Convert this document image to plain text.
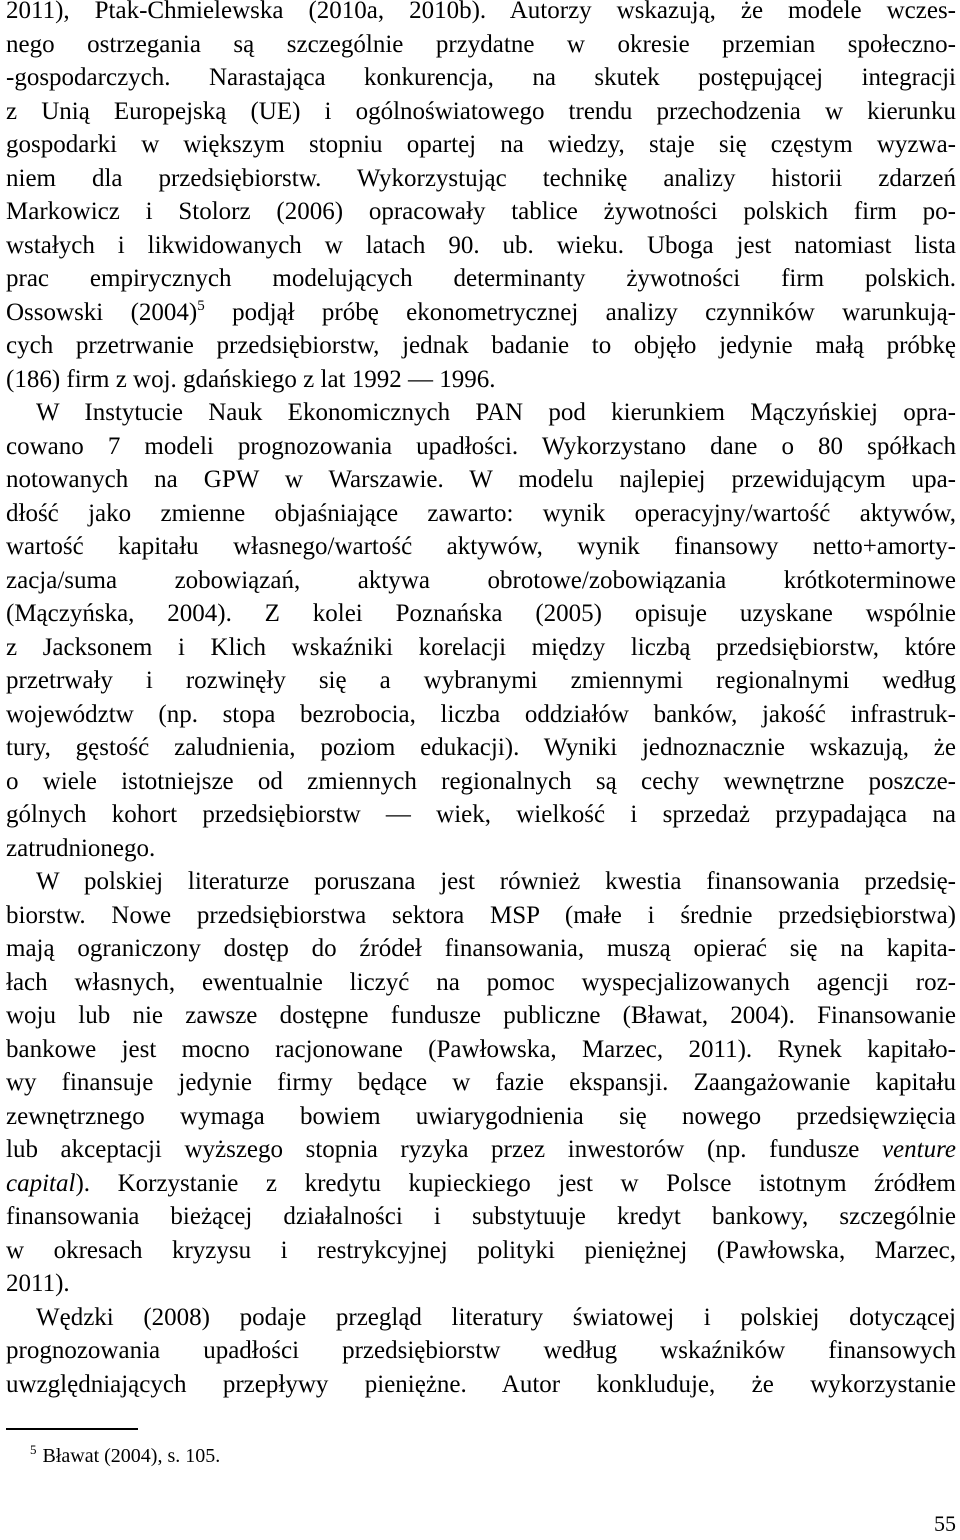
2011), Ptak-Chmielewska (2010a, 2010b). Autorzy wskazują, że modele wczes-
nego ostrzegania są szczególnie przydatne w okresie przemian społeczno-
-gospodarczych. Narastająca konkurencja, na skutek postępującej integracji
z Unią Europejską (UE) i ogólnoświatowego trendu przechodzenia w kierunku
gospodarki w większym stopniu opartej na wiedzy, staje się częstym wyzwa-
niem dla przedsiębiorstw. Wykorzystując technikę analizy historii zdarzeń
Markowicz i Stolorz (2006) opracowały tablice żywotności polskich firm po-
wstałych i likwidowanych w latach 90. ub. wieku. Uboga jest natomiast lista
prac empirycznych modelujących determinanty żywotności firm polskich.
Ossowski $(2004)^5$ podjął próbę ekonometrycznej analizy czynników warunkują-
cych przetrwanie przedsiębiorstw, jednak badanie to objęło jedynie małą próbkę
(186) firm z woj. gdańskiego z lat 1992 — 1996.
W Instytucie Nauk Ekonomicznych PAN pod kierunkiem Mączyńskiej opra-
cowano 7 modeli prognozowania upadłości. Wykorzystano dane o 80 spółkach
notowanych na GPW w Warszawie. W modelu najlepiej przewidującym upa-
dłość jako zmienne objaśniające zawarto: wynik operacyjny/wartość aktywów,
wartość kapitału własnego/wartość aktywów, wynik finansowy netto+amorty-
zacja/suma zobowiązań, aktywa obrotowe/zobowiązania krótkoterminowe
(Mączyńska, 2004). Z kolei Poznańska (2005) opisuje uzyskane wspólnie
z Jacksonem i Klich wskaźniki korelacji między liczbą przedsiębiorstw, które
przetrwały i rozwinęły się a wybranymi zmiennymi regionalnymi według
województw (np. stopa bezrobocia, liczba oddziałów banków, jakość infrastruk-
tury, gęstość zaludnienia, poziom edukacji). Wyniki jednoznacznie wskazują, że
o wiele istotniejsze od zmiennych regionalnych są cechy wewnętrzne poszcze-
gólnych kohort przedsiębiorstw — wiek, wielkość i sprzedaż przypadająca na
zatrudnionego.
W polskiej literaturze poruszana jest również kwestia finansowania przedsię-
biorstw. Nowe przedsiębiorstwa sektora MSP (małe i średnie przedsiębiorstwa)
mają ograniczony dostęp do źródeł finansowania, muszą opierać się na kapita-
łach własnych, ewentualnie liczyć na pomoc wyspecjalizowanych agencji roz-
woju lub nie zawsze dostępne fundusze publiczne (Bławat, 2004). Finansowanie
bankowe jest mocno racjonowane (Pawłowska, Marzec, 2011). Rynek kapitało-
wy finansuje jedynie firmy będące w fazie ekspansji. Zaangażowanie kapitału
zewnętrznego wymaga bowiem uwiarygodnienia się nowego przedsięwzięcia
lub akceptacji wyższego stopnia ryzyka przez inwestorów (np. fundusze venture
capital). Korzystanie z kredytu kupieckiego jest w Polsce istotnym źródłem
finansowania bieżącej działalności i substytuuje kredyt bankowy, szczególnie
w okresach kryzysu i restrykcyjnej polityki pieniężnej (Pawłowska, Marzec,
2011).
Wędzki (2008) podaje przegląd literatury światowej i polskiej dotyczącej
prognozowania upadłości przedsiębiorstw według wskaźników finansowych
uwzględniających przepływy pieniężne. Autor konkluduje, że wykorzystanie
$^5$ Bławat (2004), s. 105.
55
